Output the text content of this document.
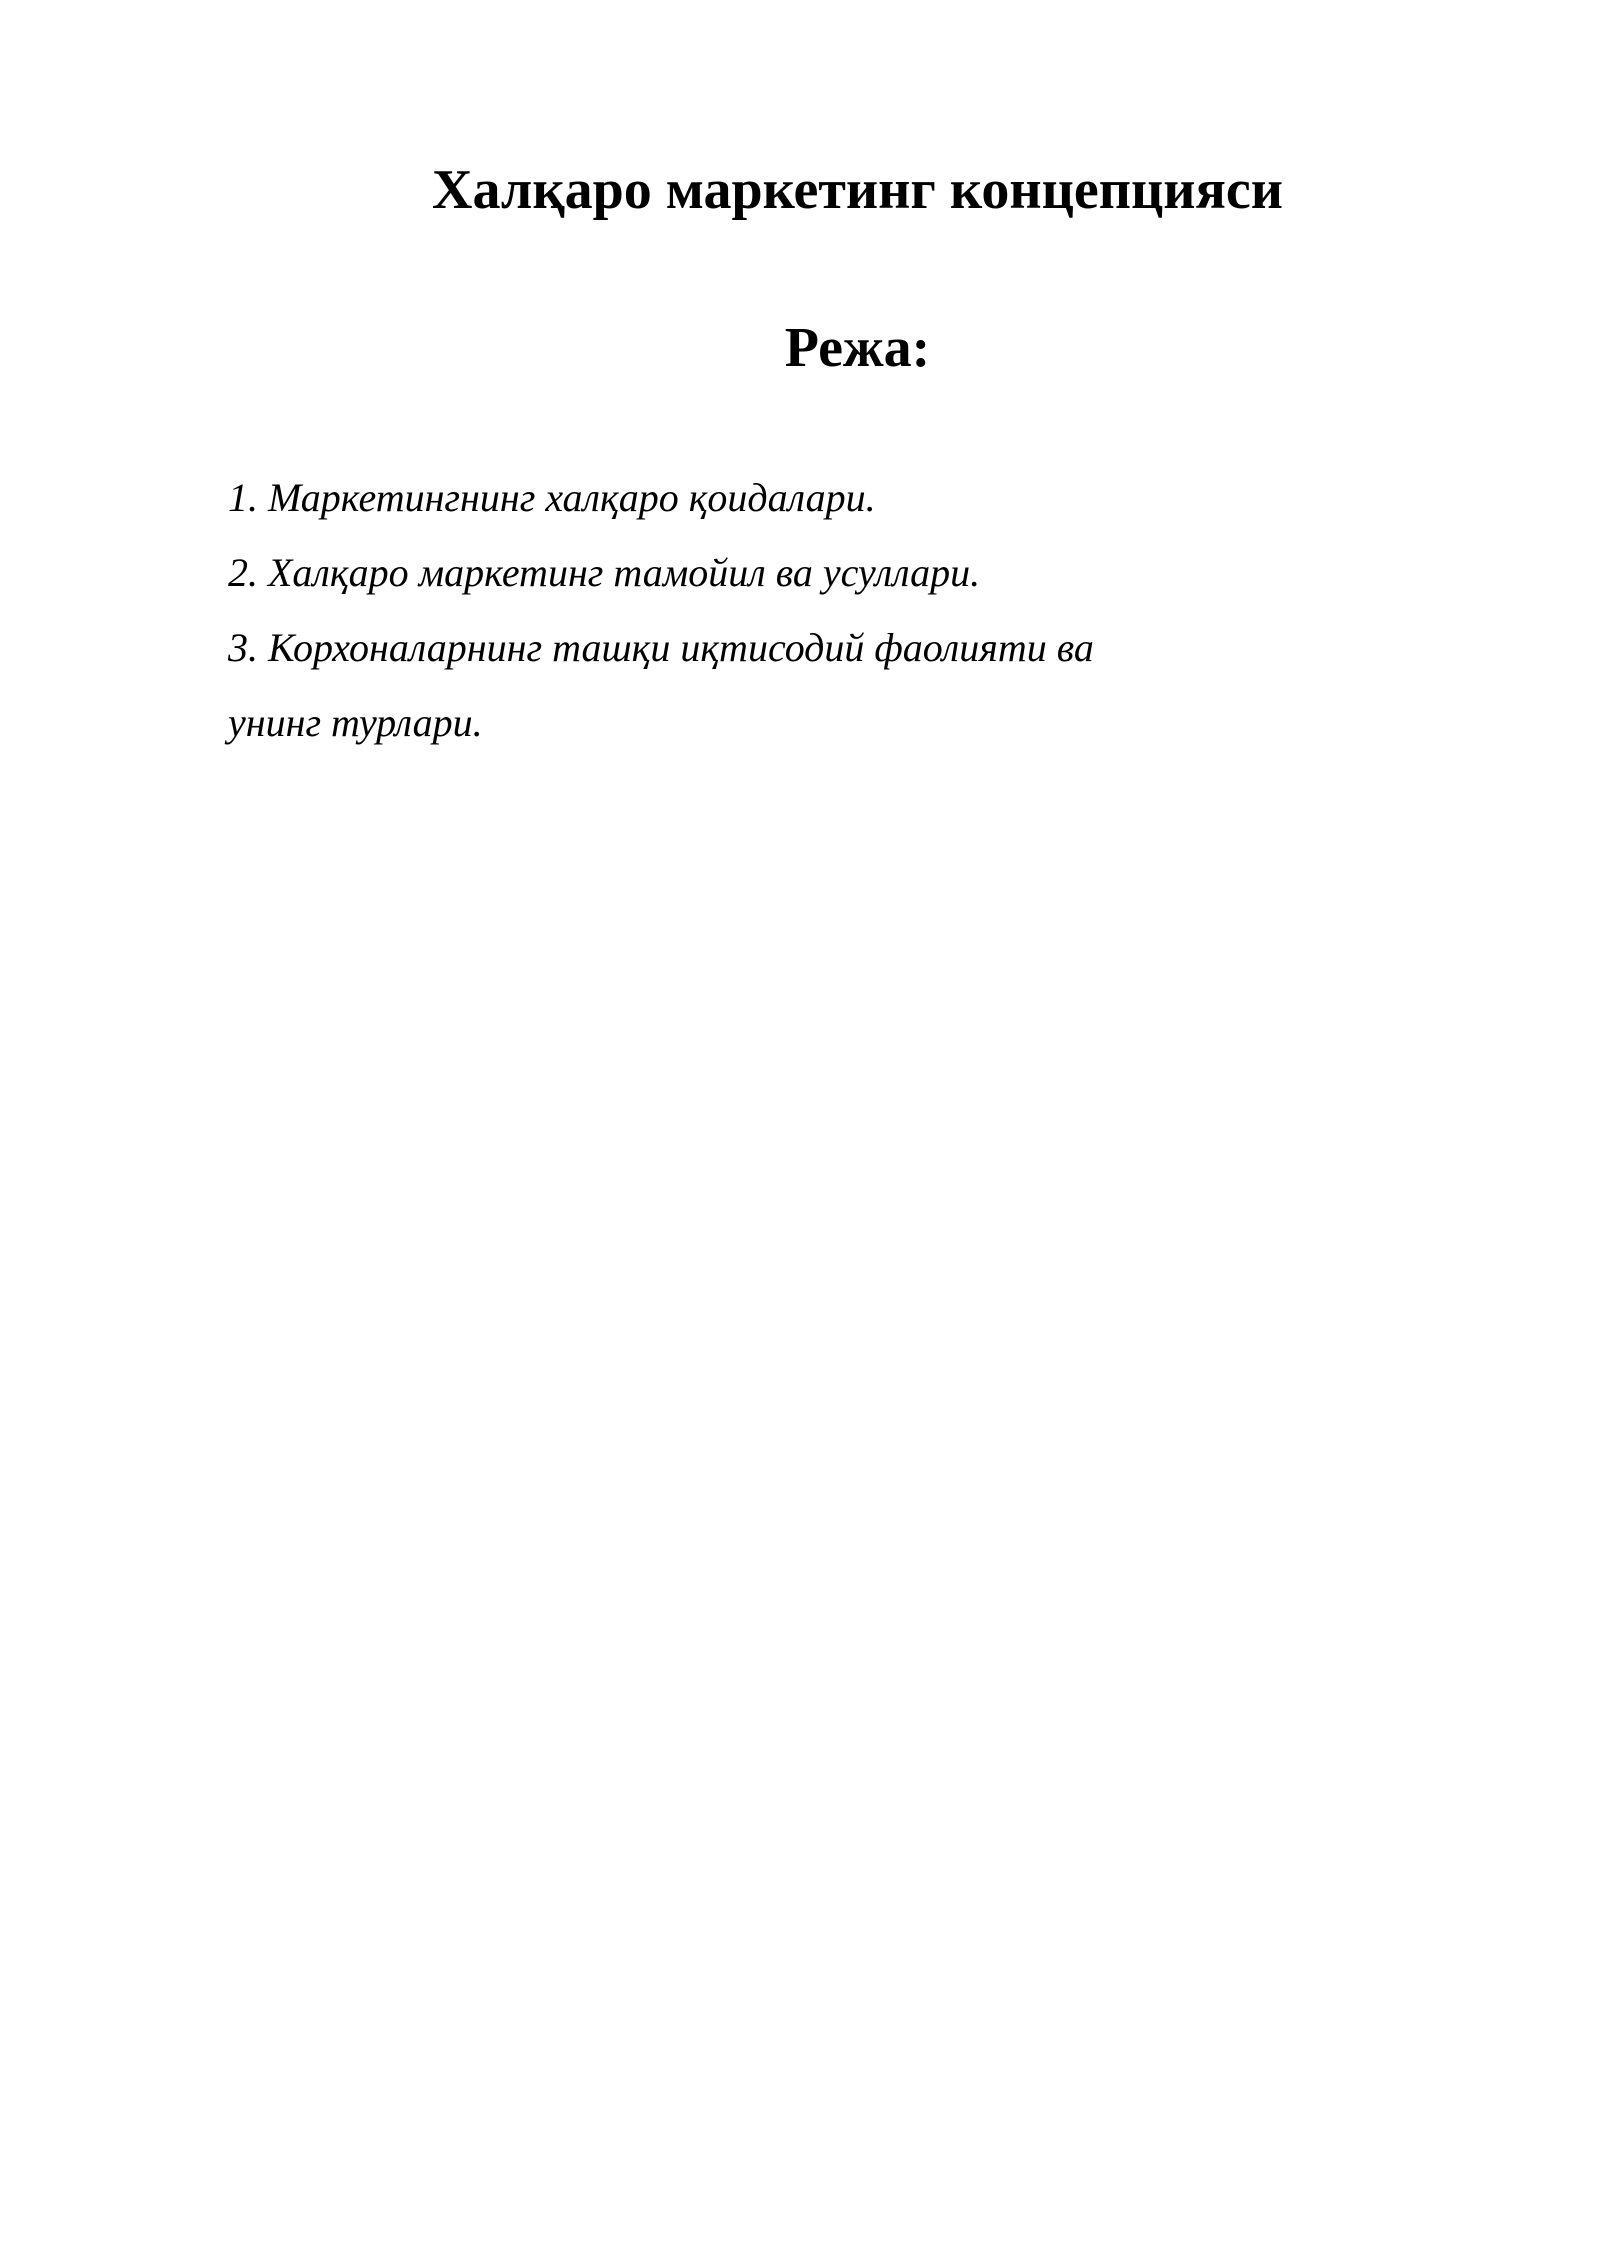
Халқаро маркетинг концепцияси
Режа:
1. Маркетингнинг халқаро қоидалари.
2. Халқаро маркетинг тамойил ва усуллари.
3. Корхоналарнинг ташқи иқтисодий фаолияти ва
унинг турлари.
